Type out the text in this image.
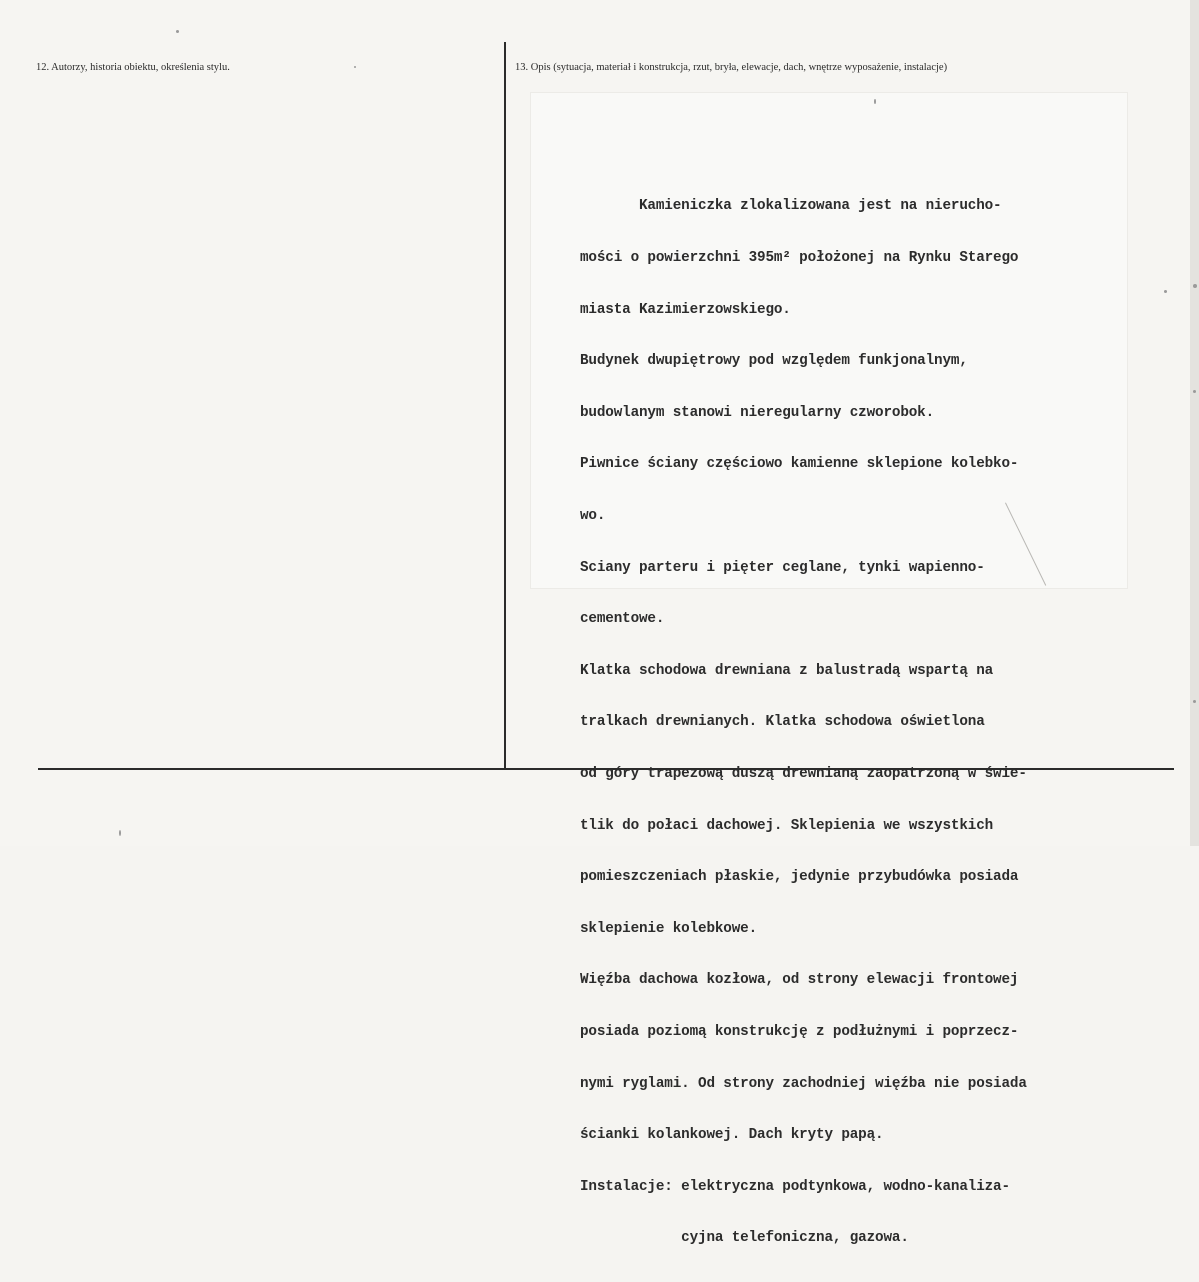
12. Autorzy, historia obiektu, określenia stylu.	13. Opis (sytuacja, materiał i konstrukcja, rzut, bryła, elewacje, dach, wnętrze wyposażenie, instalacje)

Kamieniczka zlokalizowana jest na nierucho-

mości o powierzchni 395m² położonej na Rynku Starego

miasta Kazimierzowskiego.

Budynek dwupiętrowy pod względem funkjonalnym,

budowlanym stanowi nieregularny czworobok.

Piwnice ściany częściowo kamienne sklepione kolebko-

wo.

Sciany parteru i pięter ceglane, tynki wapienno-

cementowe.

Klatka schodowa drewniana z balustradą wspartą na

tralkach drewnianych. Klatka schodowa oświetlona

od góry trapezową duszą drewnianą zaopatrzoną w świe-

tlik do połaci dachowej. Sklepienia we wszystkich

pomieszczeniach płaskie, jedynie przybudówka posiada

sklepienie kolebkowe.

Więźba dachowa kozłowa, od strony elewacji frontowej

posiada poziomą konstrukcję z podłużnymi i poprzecz-

nymi ryglami. Od strony zachodniej więźba nie posiada

ścianki kolankowej. Dach kryty papą.

Instalacje: elektryczna podtynkowa, wodno-kanaliza-

cyjna telefoniczna, gazowa.
